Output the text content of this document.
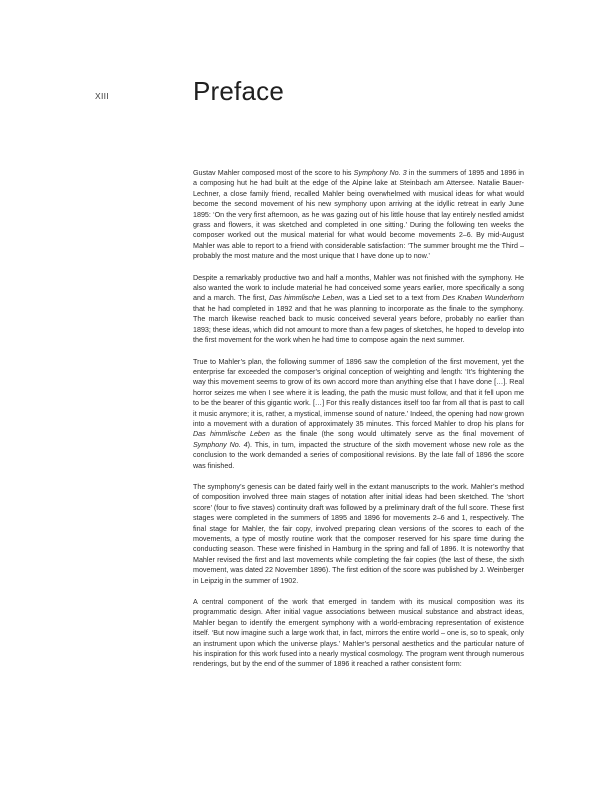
XIII	Preface

Gustav Mahler composed most of the score to his Symphony No. 3 in the summers of 1895 and 1896 in a composing hut he had built at the edge of the Alpine lake at Steinbach am Attersee. Natalie Bauer-Lechner, a close family friend, recalled Mahler being overwhelmed with musical ideas for what would become the second movement of his new symphony upon arriving at the idyllic retreat in early June 1895: ‘On the very first afternoon, as he was gazing out of his little house that lay entirely nestled amidst grass and flowers, it was sketched and completed in one sitting.’ During the following ten weeks the composer worked out the musical material for what would become movements 2–6. By mid-August Mahler was able to report to a friend with considerable satisfaction: ‘The summer brought me the Third – probably the most mature and the most unique that I have done up to now.’

Despite a remarkably productive two and half a months, Mahler was not finished with the symphony. He also wanted the work to include material he had conceived some years earlier, more specifically a song and a march. The first, Das himmlische Leben, was a Lied set to a text from Des Knaben Wunderhorn that he had completed in 1892 and that he was planning to incorporate as the finale to the symphony. The march likewise reached back to music conceived several years before, probably no earlier than 1893; these ideas, which did not amount to more than a few pages of sketches, he hoped to develop into the first movement for the work when he had time to compose again the next summer.

True to Mahler’s plan, the following summer of 1896 saw the completion of the first movement, yet the enterprise far exceeded the composer’s original conception of weighting and length: ‘It’s frightening the way this movement seems to grow of its own accord more than anything else that I have done […]. Real horror seizes me when I see where it is leading, the path the music must follow, and that it fell upon me to be the bearer of this gigantic work. […] For this really distances itself too far from all that is past to call it music anymore; it is, rather, a mystical, immense sound of nature.’ Indeed, the opening had now grown into a movement with a duration of approximately 35 minutes. This forced Mahler to drop his plans for Das himmlische Leben as the finale (the song would ultimately serve as the final movement of Symphony No. 4). This, in turn, impacted the structure of the sixth movement whose new role as the conclusion to the work demanded a series of compositional revisions. By the late fall of 1896 the score was finished.

The symphony’s genesis can be dated fairly well in the extant manuscripts to the work. Mahler’s method of composition involved three main stages of notation after initial ideas had been sketched. The ‘short score’ (four to five staves) continuity draft was followed by a preliminary draft of the full score. These first stages were completed in the summers of 1895 and 1896 for movements 2–6 and 1, respectively. The final stage for Mahler, the fair copy, involved preparing clean versions of the scores to each of the movements, a type of mostly routine work that the composer reserved for his spare time during the conducting season. These were finished in Hamburg in the spring and fall of 1896. It is noteworthy that Mahler revised the first and last movements while completing the fair copies (the last of these, the sixth movement, was dated 22 November 1896). The first edition of the score was published by J. Weinberger in Leipzig in the summer of 1902.

A central component of the work that emerged in tandem with its musical composition was its programmatic design. After initial vague associations between musical substance and abstract ideas, Mahler began to identify the emergent symphony with a world-embracing representation of existence itself. ‘But now imagine such a large work that, in fact, mirrors the entire world – one is, so to speak, only an instrument upon which the universe plays.’ Mahler’s personal aesthetics and the particular nature of his inspiration for this work fused into a nearly mystical cosmology. The program went through numerous renderings, but by the end of the summer of 1896 it reached a rather consistent form:
